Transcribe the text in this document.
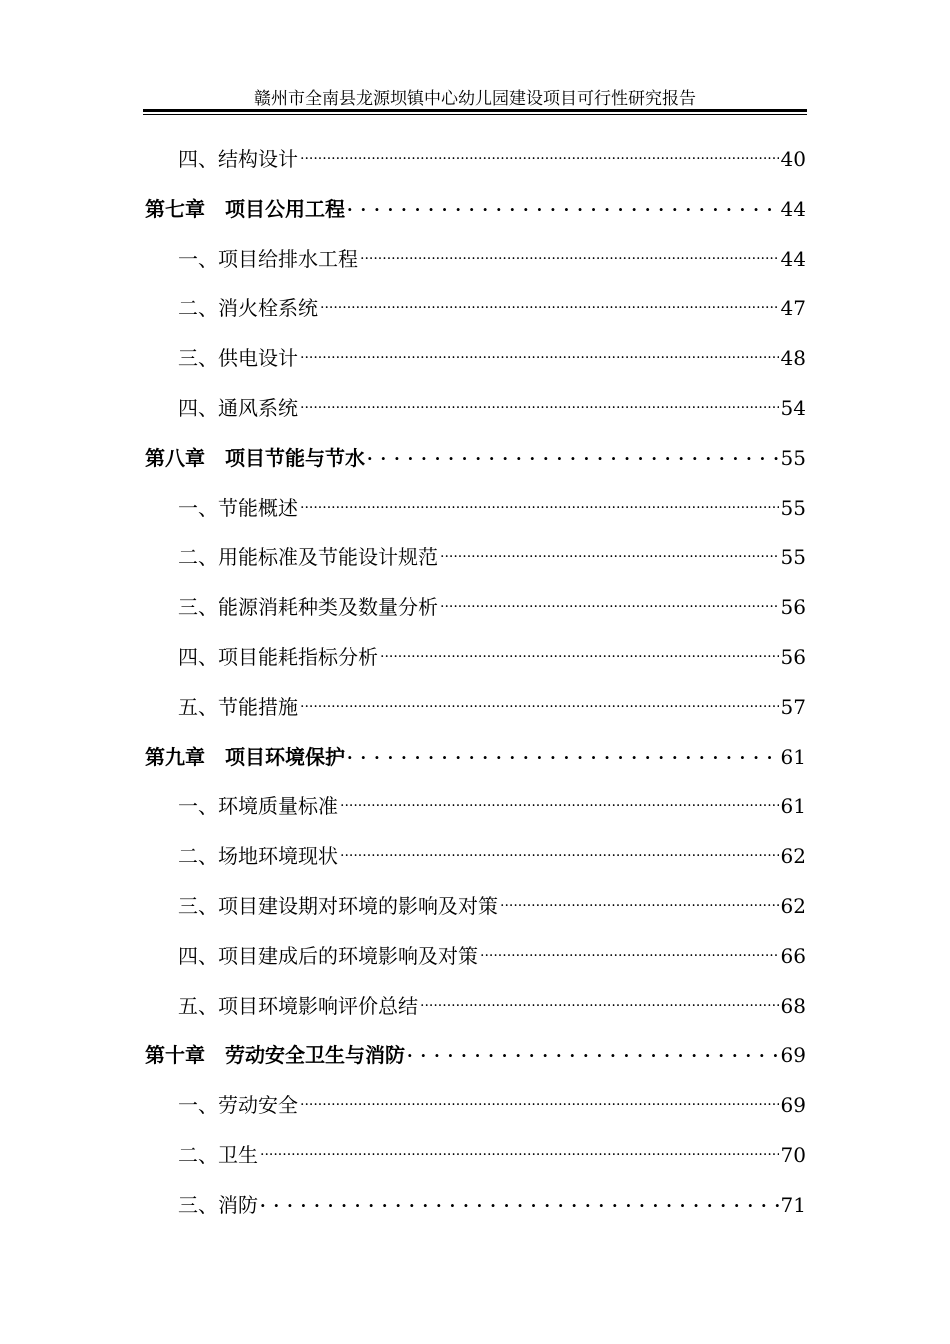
赣州市全南县龙源坝镇中心幼儿园建设项目可行性研究报告
四、结构设计 .....	40
第七章　项目公用工程 . . .	44
一、项目给排水工程 .....	44
二、消火栓系统 .....	47
三、供电设计 .....	48
四、通风系统 .....	54
第八章　项目节能与节水 . . .	55
一、节能概述 .....	55
二、用能标准及节能设计规范 .....	55
三、能源消耗种类及数量分析 .....	56
四、项目能耗指标分析 .....	56
五、节能措施 .....	57
第九章　项目环境保护 . . .	61
一、环境质量标准 .....	61
二、场地环境现状 .....	62
三、项目建设期对环境的影响及对策 .....	62
四、项目建成后的环境影响及对策 .....	66
五、项目环境影响评价总结 .....	68
第十章　劳动安全卫生与消防 . . .	69
一、劳动安全 .....	69
二、卫生 .....	70
三、消防 . . .	71
